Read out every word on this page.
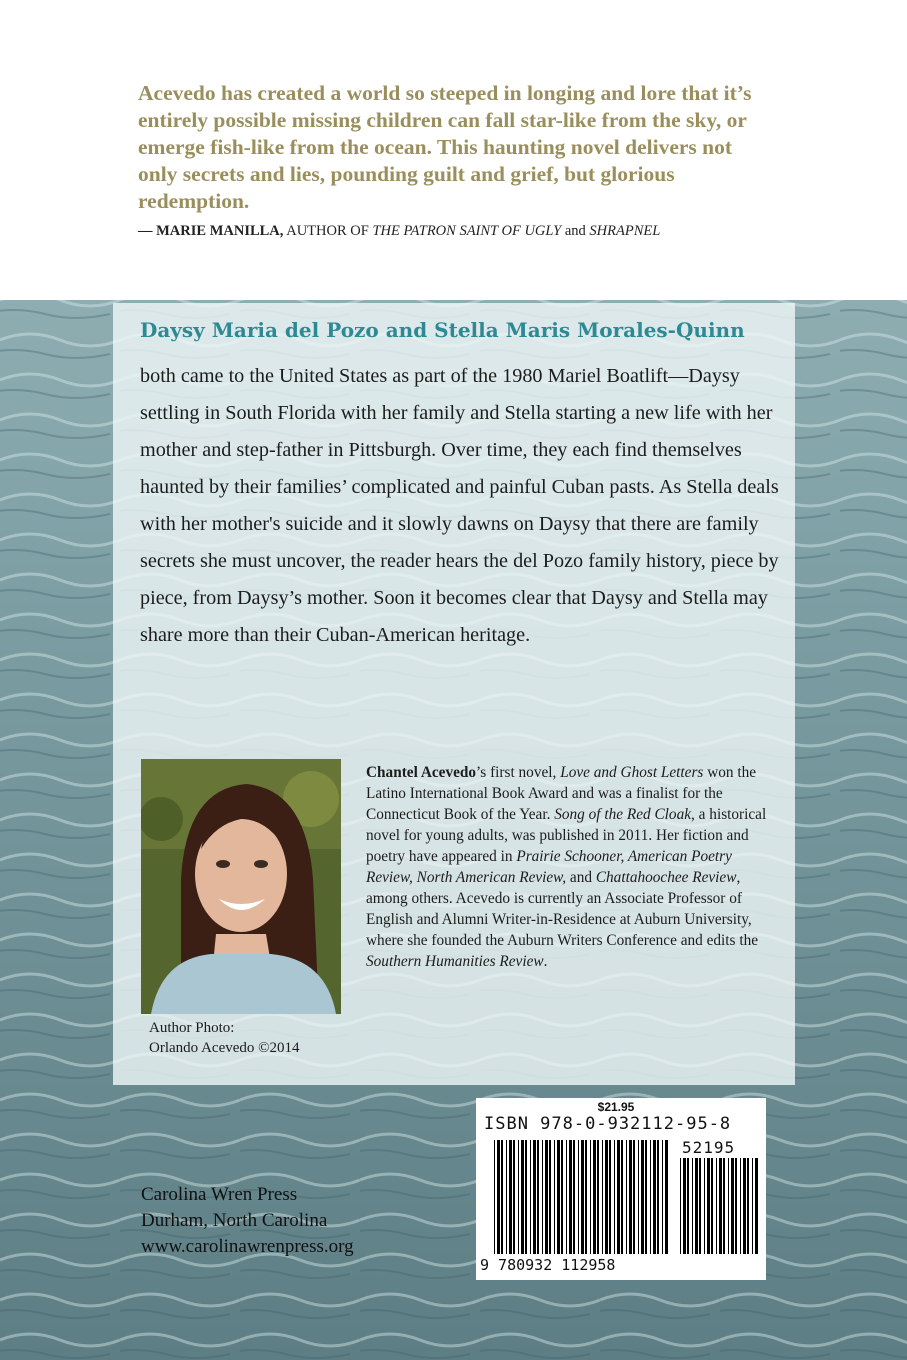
Acevedo has created a world so steeped in longing and lore that it’s entirely possible missing children can fall star-like from the sky, or emerge fish-like from the ocean. This haunting novel delivers not only secrets and lies, pounding guilt and grief, but glorious redemption.
— MARIE MANILLA, AUTHOR OF THE PATRON SAINT OF UGLY and SHRAPNEL
Daysy Maria del Pozo and Stella Maris Morales-Quinn
both came to the United States as part of the 1980 Mariel Boatlift—Daysy settling in South Florida with her family and Stella starting a new life with her mother and step-father in Pittsburgh. Over time, they each find themselves haunted by their families’ complicated and painful Cuban pasts. As Stella deals with her mother's suicide and it slowly dawns on Daysy that there are family secrets she must uncover, the reader hears the del Pozo family history, piece by piece, from Daysy’s mother. Soon it becomes clear that Daysy and Stella may share more than their Cuban-American heritage.
Author Photo:
Orlando Acevedo ©2014
Chantel Acevedo’s first novel, Love and Ghost Letters won the Latino International Book Award and was a finalist for the Connecticut Book of the Year. Song of the Red Cloak, a historical novel for young adults, was published in 2011. Her fiction and poetry have appeared in Prairie Schooner, American Poetry Review, North American Review, and Chattahoochee Review, among others. Acevedo is currently an Associate Professor of English and Alumni Writer-in-Residence at Auburn University, where she founded the Auburn Writers Conference and edits the Southern Humanities Review.
Carolina Wren Press
Durham, North Carolina
www.carolinawrenpress.org
$21.95
ISBN 978-0-932112-95-8
52195
9 780932 112958
